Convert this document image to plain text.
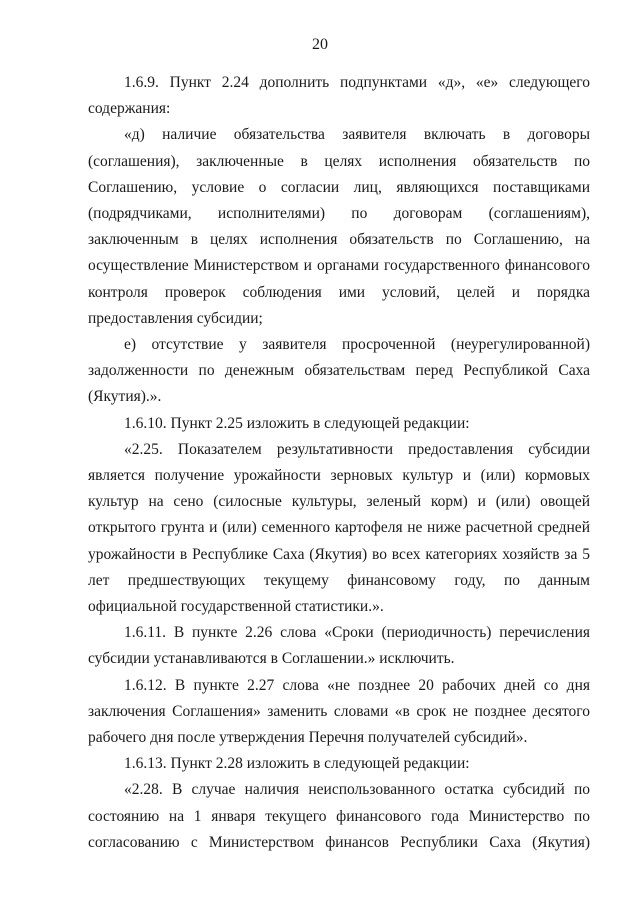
20

1.6.9. Пункт 2.24 дополнить подпунктами «д», «е» следующего содержания:

«д) наличие обязательства заявителя включать в договоры (соглашения), заключенные в целях исполнения обязательств по Соглашению, условие о согласии лиц, являющихся поставщиками (подрядчиками, исполнителями) по договорам (соглашениям), заключенным в целях исполнения обязательств по Соглашению, на осуществление Министерством и органами государственного финансового контроля проверок соблюдения ими условий, целей и порядка предоставления субсидии;

е) отсутствие у заявителя просроченной (неурегулированной) задолженности по денежным обязательствам перед Республикой Саха (Якутия).».

1.6.10. Пункт 2.25 изложить в следующей редакции:

«2.25. Показателем результативности предоставления субсидии является получение урожайности зерновых культур и (или) кормовых культур на сено (силосные культуры, зеленый корм) и (или) овощей открытого грунта и (или) семенного картофеля не ниже расчетной средней урожайности в Республике Саха (Якутия) во всех категориях хозяйств за 5 лет предшествующих текущему финансовому году, по данным официальной государственной статистики.».

1.6.11. В пункте 2.26 слова «Сроки (периодичность) перечисления субсидии устанавливаются в Соглашении.» исключить.

1.6.12. В пункте 2.27 слова «не позднее 20 рабочих дней со дня заключения Соглашения» заменить словами «в срок не позднее десятого рабочего дня после утверждения Перечня получателей субсидий».

1.6.13. Пункт 2.28 изложить в следующей редакции:

«2.28. В случае наличия неиспользованного остатка субсидий по состоянию на 1 января текущего финансового года Министерство по согласованию с Министерством финансов Республики Саха (Якутия)
